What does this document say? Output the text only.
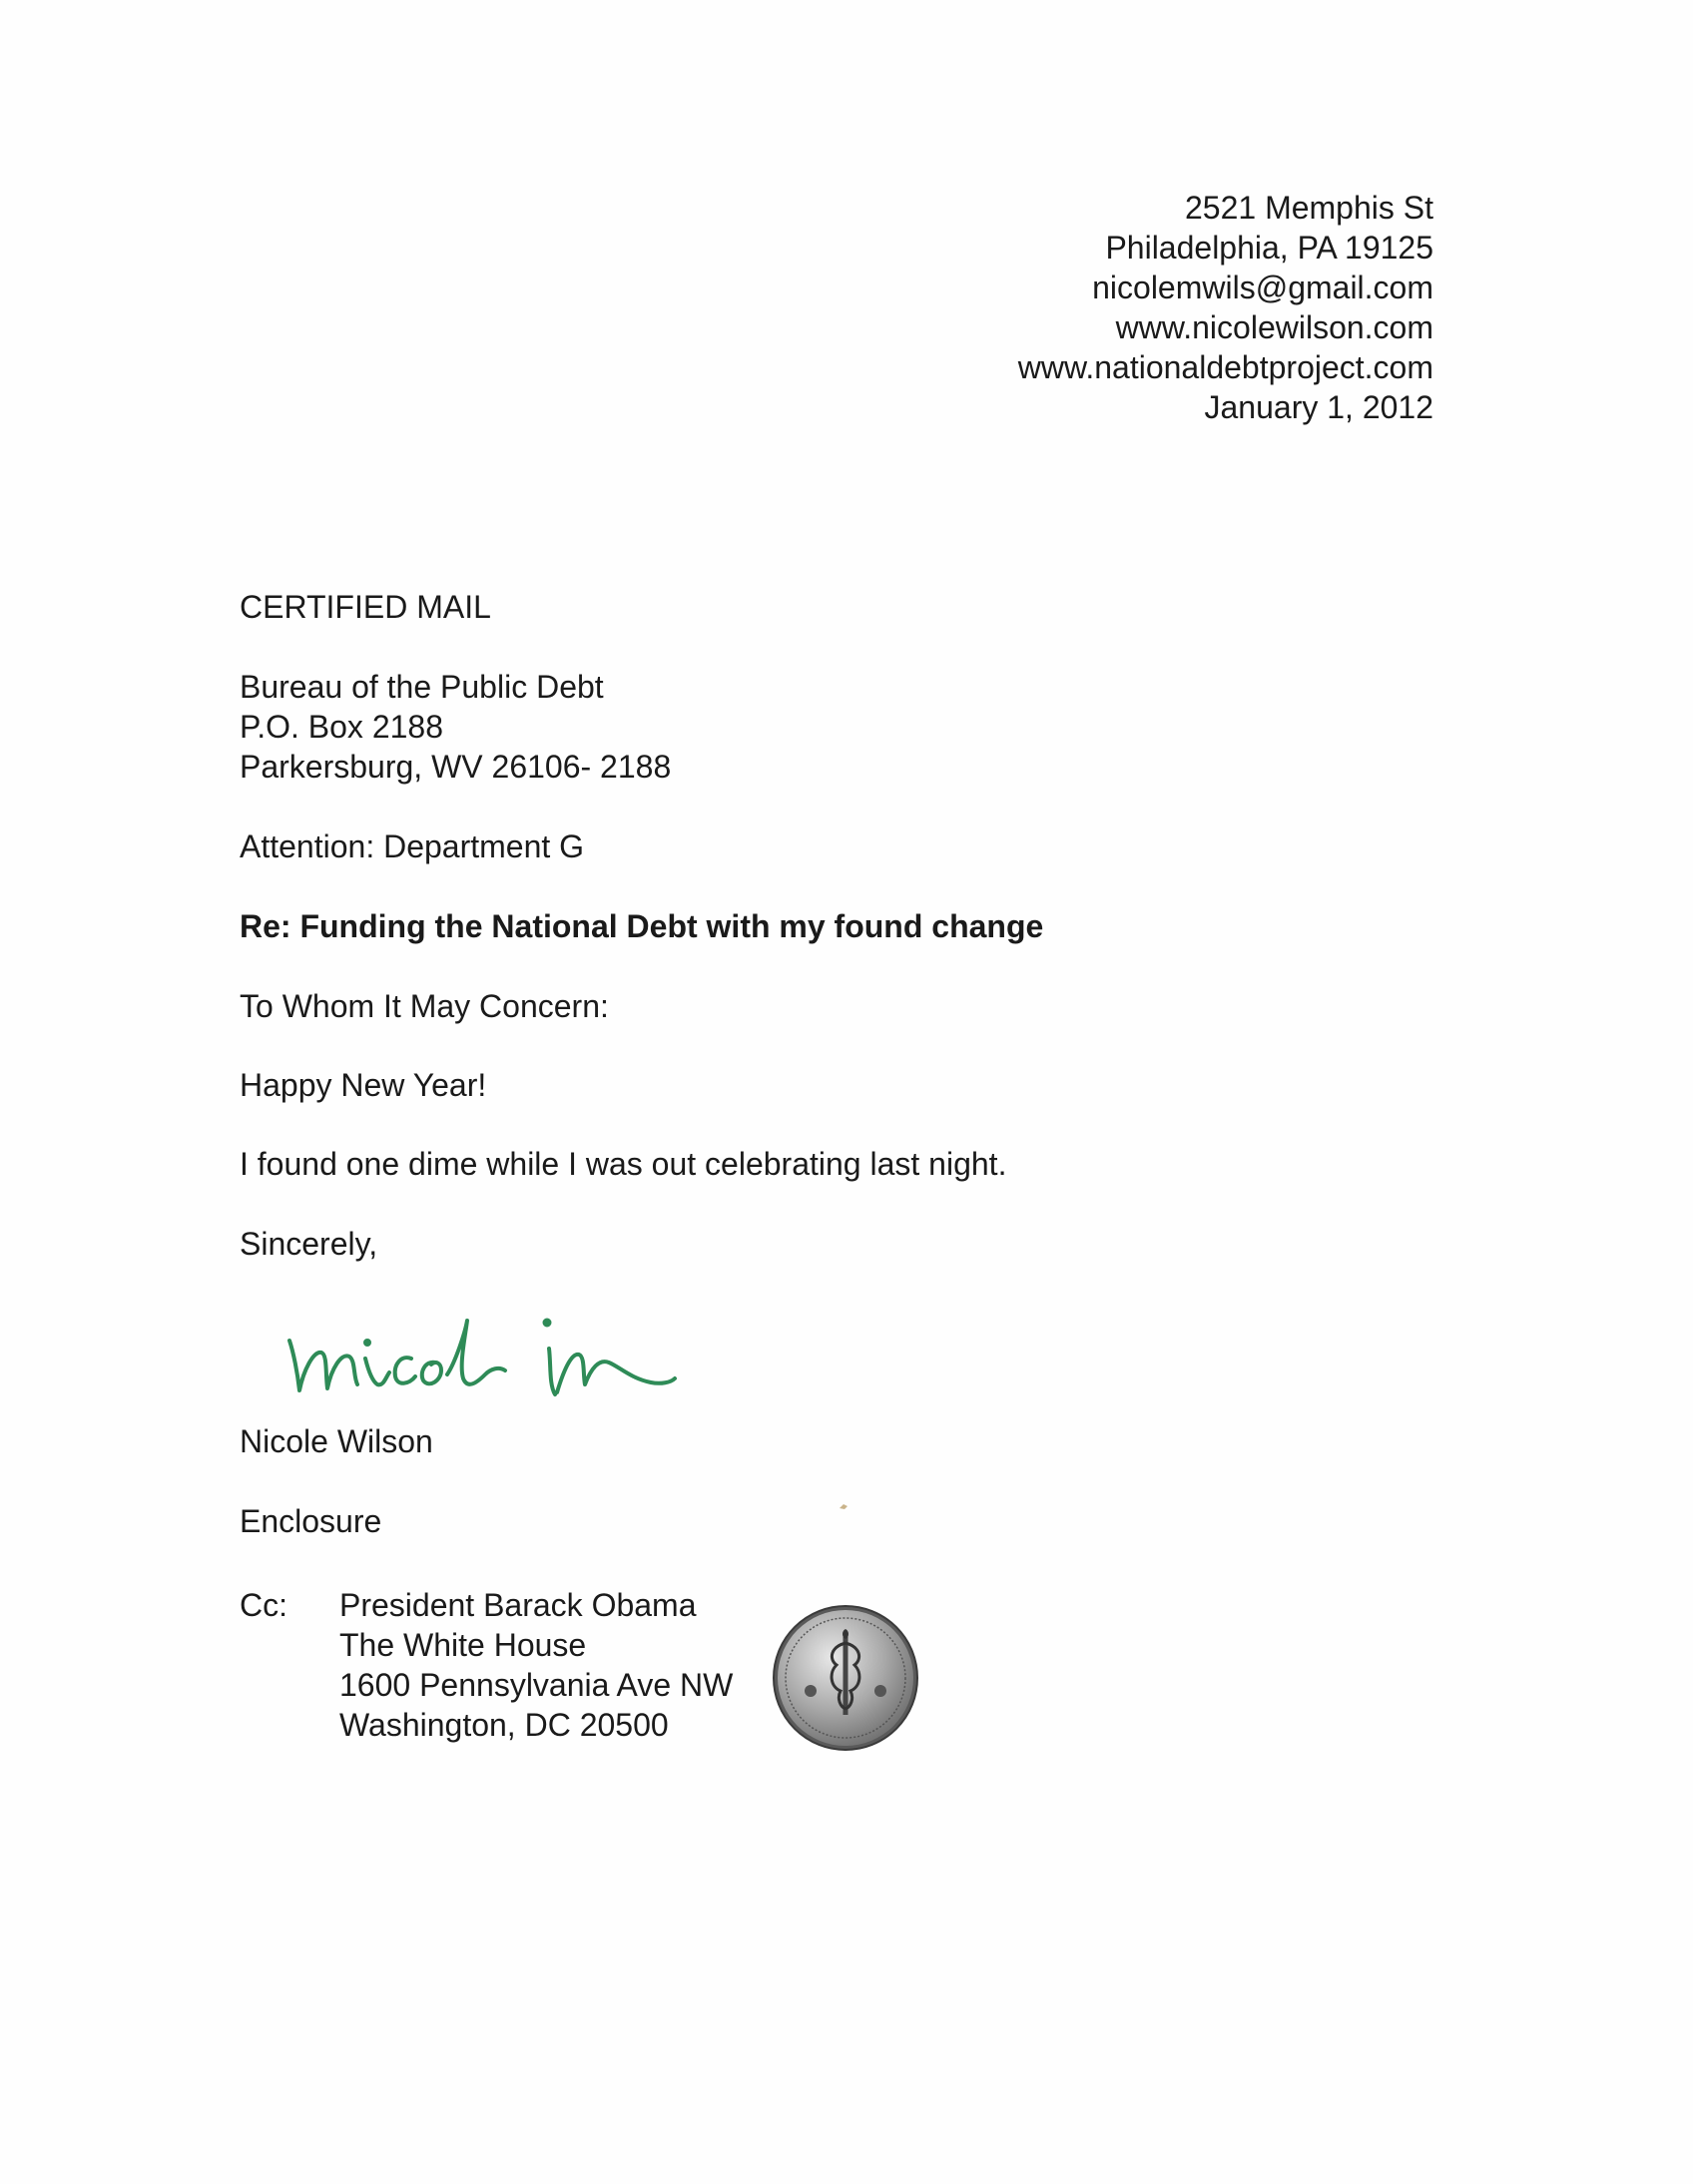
2521 Memphis St
Philadelphia, PA 19125
nicolemwils@gmail.com
www.nicolewilson.com
www.nationaldebtproject.com
January 1, 2012
CERTIFIED MAIL
Bureau of the Public Debt
P.O. Box 2188
Parkersburg, WV 26106- 2188
Attention: Department G
Re: Funding the National Debt with my found change
To Whom It May Concern:
Happy New Year!
I found one dime while I was out celebrating last night.
Sincerely,
Nicole Wilson
Enclosure
Cc: President Barack Obama
The White House
1600 Pennsylvania Ave NW
Washington, DC 20500
